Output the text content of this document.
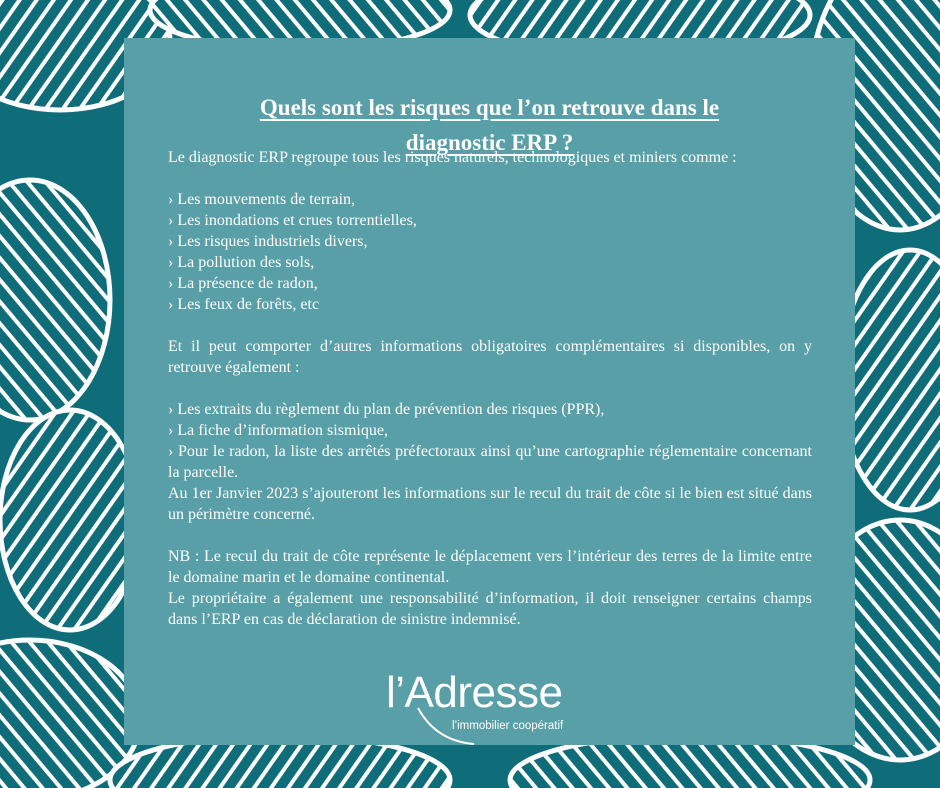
Quels sont les risques que l’on retrouve dans le
diagnostic ERP ?
Le diagnostic ERP regroupe tous les risques naturels, technologiques et miniers comme :
› Les mouvements de terrain,
› Les inondations et crues torrentielles,
› Les risques industriels divers,
› La pollution des sols,
› La présence de radon,
› Les feux de forêts, etc
Et il peut comporter d’autres informations obligatoires complémentaires si disponibles, on y retrouve également :
› Les extraits du règlement du plan de prévention des risques (PPR),
› La fiche d’information sismique,
› Pour le radon, la liste des arrêtés préfectoraux ainsi qu’une cartographie réglementaire concernant la parcelle.
Au 1er Janvier 2023 s’ajouteront les informations sur le recul du trait de côte si le bien est situé dans un périmètre concerné.
NB : Le recul du trait de côte représente le déplacement vers l’intérieur des terres de la limite entre le domaine marin et le domaine continental.
Le propriétaire a également une responsabilité d’information, il doit renseigner certains champs dans l’ERP en cas de déclaration de sinistre indemnisé.
l’Adresse
l’immobilier coopératif
